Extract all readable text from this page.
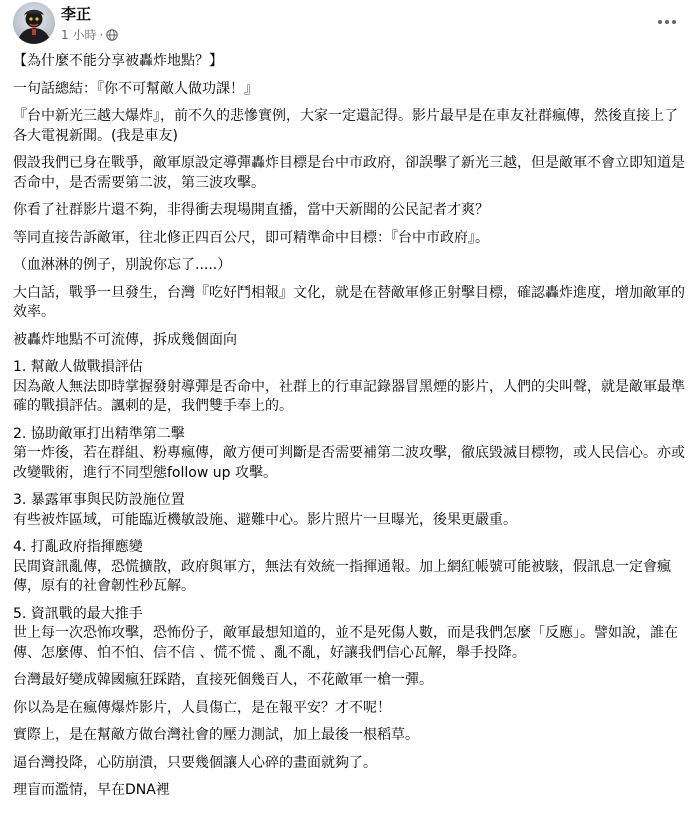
李正
1 小時 ·

【為什麼不能分享被轟炸地點？】

一句話總結：『你不可幫敵人做功課！』

『台中新光三越大爆炸』，前不久的悲慘實例，大家一定還記得。影片最早是在車友社群瘋傳，然後直接上了各大電視新聞。(我是車友)

假設我們已身在戰爭，敵軍原設定導彈轟炸目標是台中市政府，卻誤擊了新光三越，但是敵軍不會立即知道是否命中，是否需要第二波，第三波攻擊。

你看了社群影片還不夠，非得衝去現場開直播，當中天新聞的公民記者才爽？

等同直接告訴敵軍，往北修正四百公尺，即可精準命中目標：『台中市政府』。

（血淋淋的例子，別說你忘了.....）

大白話，戰爭一旦發生，台灣『吃好鬥相報』文化，就是在替敵軍修正射擊目標，確認轟炸進度，增加敵軍的效率。

被轟炸地點不可流傳，拆成幾個面向

1. 幫敵人做戰損評估
因為敵人無法即時掌握發射導彈是否命中，社群上的行車記錄器冒黑煙的影片，人們的尖叫聲，就是敵軍最準確的戰損評估。諷刺的是，我們雙手奉上的。

2. 協助敵軍打出精準第二擊
第一炸後，若在群組、粉專瘋傳，敵方便可判斷是否需要補第二波攻擊，徹底毀滅目標物，或人民信心。亦或改變戰術，進行不同型態follow up 攻擊。

3. 暴露軍事與民防設施位置
有些被炸區域，可能臨近機敏設施、避難中心。影片照片一旦曝光，後果更嚴重。

4. 打亂政府指揮應變
民間資訊亂傳，恐慌擴散，政府與軍方，無法有效統一指揮通報。加上網紅帳號可能被駭，假訊息一定會瘋傳，原有的社會韌性秒瓦解。

5. 資訊戰的最大推手
世上每一次恐怖攻擊，恐怖份子，敵軍最想知道的，並不是死傷人數，而是我們怎麼「反應」。譬如說，誰在傳、怎麼傳、怕不怕、信不信 、慌不慌 、亂不亂，好讓我們信心瓦解，舉手投降。

台灣最好變成韓國瘋狂踩踏，直接死個幾百人，不花敵軍一槍一彈。

你以為是在瘋傳爆炸影片，人員傷亡，是在報平安？才不呢！

實際上，是在幫敵方做台灣社會的壓力測試，加上最後一根稻草。

逼台灣投降，心防崩潰，只要幾個讓人心碎的畫面就夠了。

理盲而濫情，早在DNA裡
